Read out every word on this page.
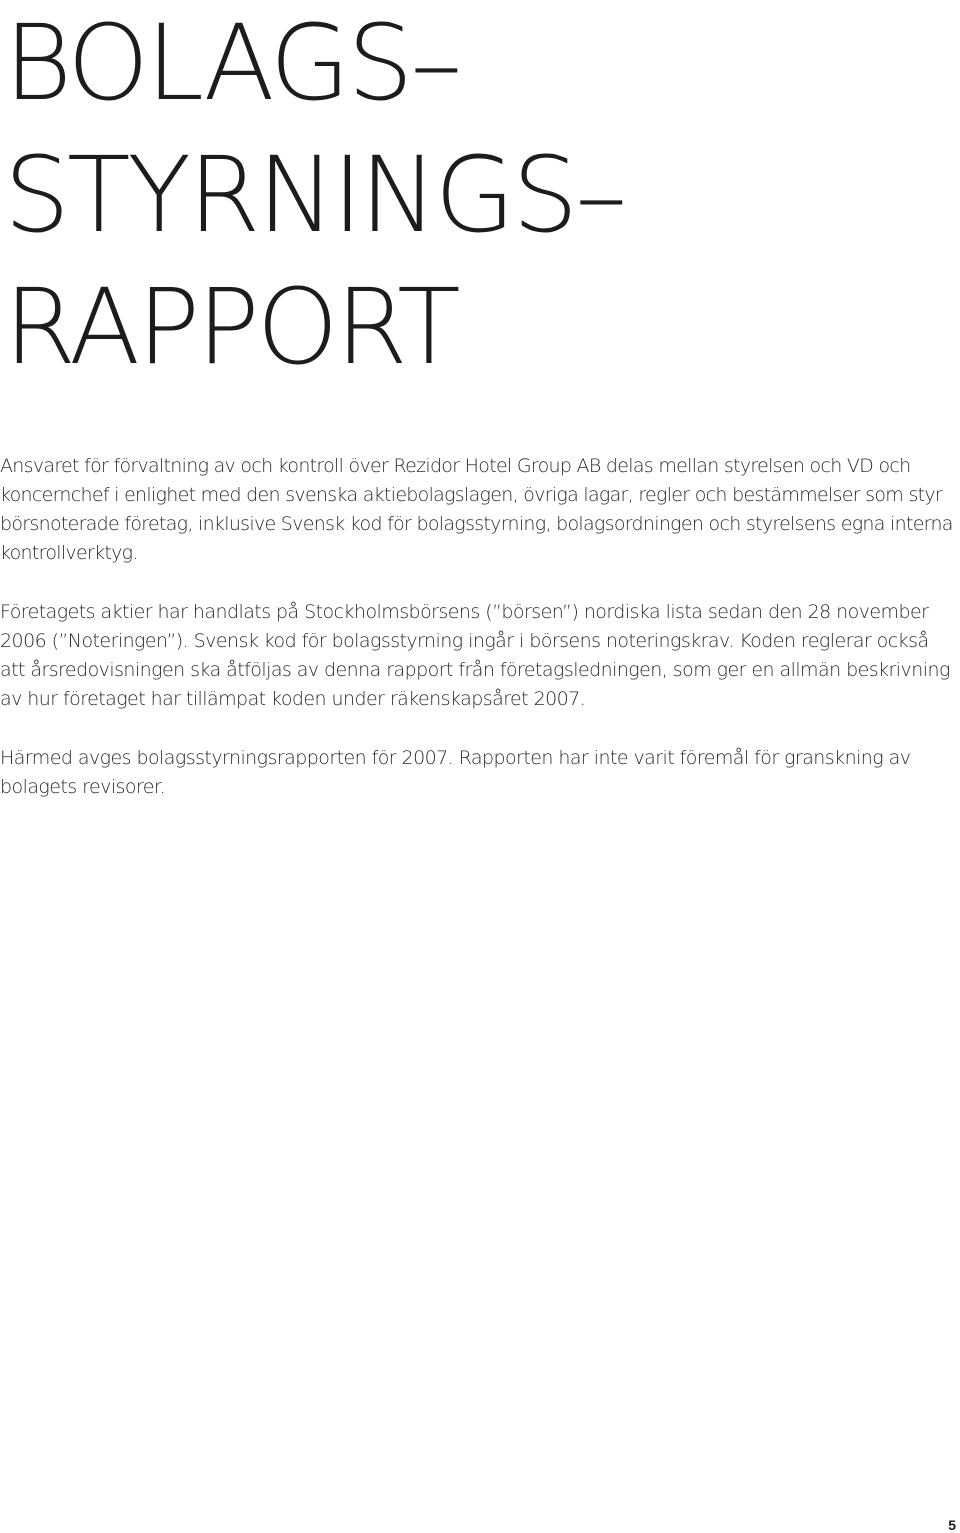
BOLAGS–
STYRNINGS–
RAPPORT

Ansvaret för förvaltning av och kontroll över Rezidor Hotel Group AB delas mellan styrelsen och VD och koncernchef i enlighet med den svenska aktiebolagslagen, övriga lagar, regler och bestämmelser som styr börsnoterade företag, inklusive Svensk kod för bolagsstyrning, bolagsordningen och styrelsens egna interna kontrollverktyg.

Företagets aktier har handlats på Stockholmsbörsens (”börsen”) nordiska lista sedan den 28 november 2006 (”Noteringen”). Svensk kod för bolagsstyrning ingår i börsens noteringskrav. Koden reglerar också att årsredovisningen ska åtföljas av denna rapport från företagsledningen, som ger en allmän beskrivning av hur företaget har tillämpat koden under räkenskapsåret 2007.

Härmed avges bolagsstyrningsrapporten för 2007. Rapporten har inte varit föremål för granskning av bolagets revisorer.

5
